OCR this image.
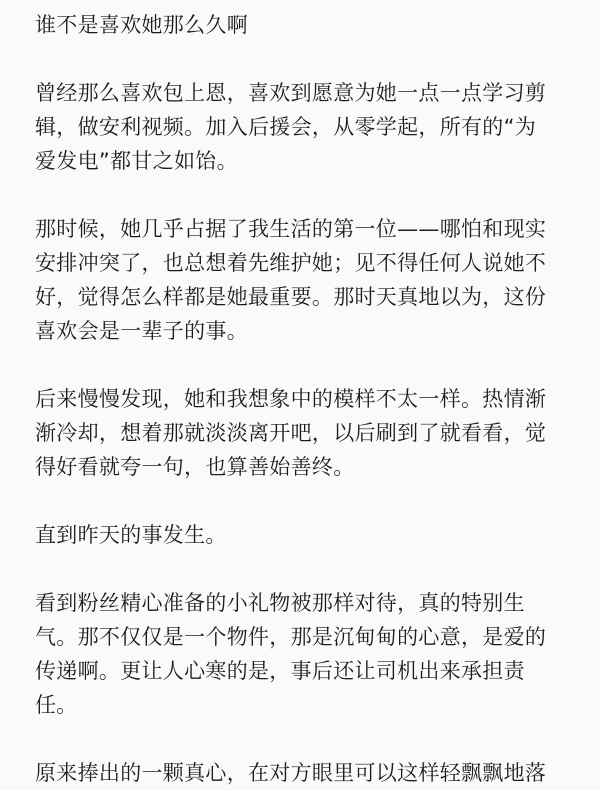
谁不是喜欢她那么久啊
曾经那么喜欢包上恩，喜欢到愿意为她一点一点学习剪
辑，做安利视频。加入后援会，从零学起，所有的“为
爱发电”都甘之如饴。
那时候，她几乎占据了我生活的第一位——哪怕和现实
安排冲突了，也总想着先维护她；见不得任何人说她不
好，觉得怎么样都是她最重要。那时天真地以为，这份
喜欢会是一辈子的事。
后来慢慢发现，她和我想象中的模样不太一样。热情渐
渐冷却，想着那就淡淡离开吧，以后刷到了就看看，觉
得好看就夸一句，也算善始善终。
直到昨天的事发生。
看到粉丝精心准备的小礼物被那样对待，真的特别生
气。那不仅仅是一个物件，那是沉甸甸的心意，是爱的
传递啊。更让人心寒的是，事后还让司机出来承担责
任。
原来捧出的一颗真心，在对方眼里可以这样轻飘飘地落
